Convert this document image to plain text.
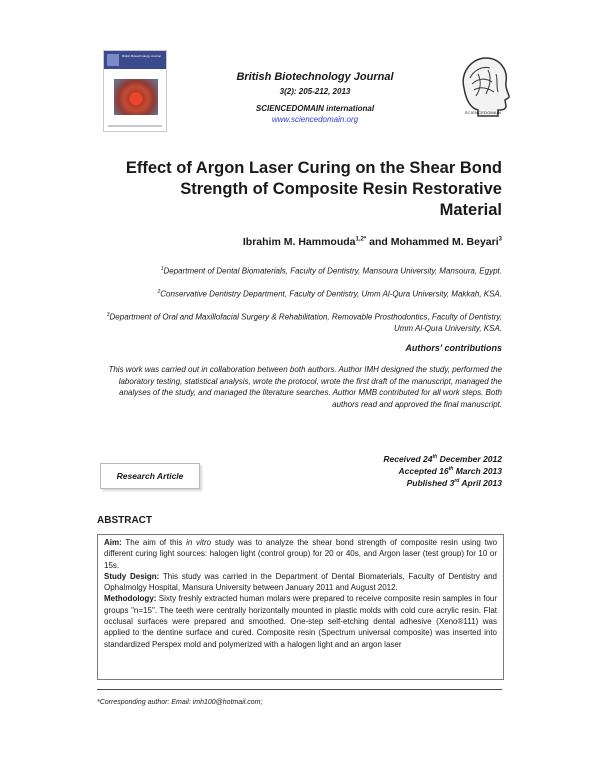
British Biotechnology Journal
British Biotechnology Journal
3(2): 205-212, 2013
SCIENCEDOMAIN international
www.sciencedomain.org
SCIENCEDOMAIN
Effect of Argon Laser Curing on the Shear Bond Strength of Composite Resin Restorative Material
Ibrahim M. Hammouda$^{1,2*}$ and Mohammed M. Beyari$^3$
$^1$Department of Dental Biomaterials, Faculty of Dentistry, Mansoura University, Mansoura, Egypt.
$^2$Conservative Dentistry Department, Faculty of Dentistry, Umm Al-Qura University, Makkah, KSA.
$^3$Department of Oral and Maxillofacial Surgery & Rehabilitation, Removable Prosthodontics, Faculty of Dentistry, Umm Al-Qura University, KSA.
Authors' contributions
This work was carried out in collaboration between both authors. Author IMH designed the study, performed the laboratory testing, statistical analysis, wrote the protocol, wrote the first draft of the manuscript, managed the analyses of the study, and managed the literature searches. Author MMB contributed for all work steps. Both authors read and approved the final manuscript.
Research Article
Received 24th December 2012
Accepted 16th March 2013
Published 3rd April 2013
ABSTRACT
Aim: The aim of this in vitro study was to analyze the shear bond strength of composite resin using two different curing light sources: halogen light (control group) for 20 or 40s, and Argon laser (test group) for 10 or 15s.
Study Design: This study was carried in the Department of Dental Biomaterials, Faculty of Dentistry and Ophalmolgy Hospital, Mansura University between January 2011 and August 2012.
Methodology: Sixty freshly extracted human molars were prepared to receive composite resin samples in four groups "n=15". The teeth were centrally horizontally mounted in plastic molds with cold cure acrylic resin. Flat occlusal surfaces were prepared and smoothed. One-step self-etching dental adhesive (Xeno®111) was applied to the dentine surface and cured. Composite resin (Spectrum universal composite) was inserted into standardized Perspex mold and polymerized with a halogen light and an argon laser
*Corresponding author: Email: imh100@hotmail.com;
